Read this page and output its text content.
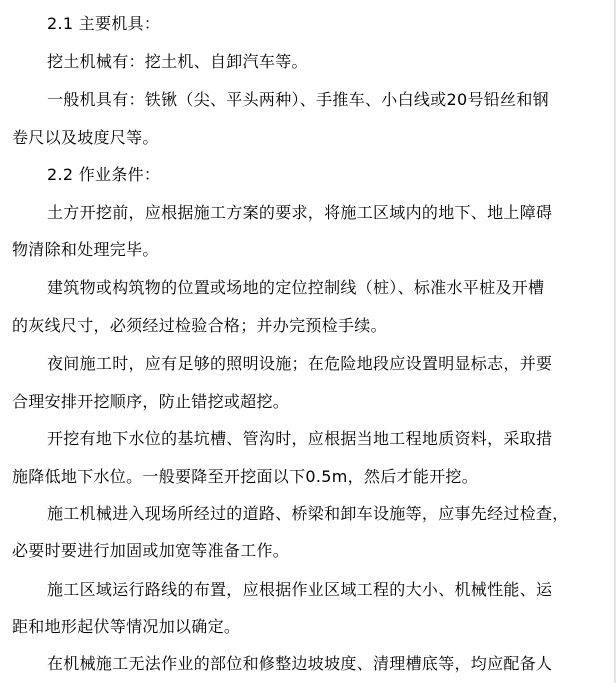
2.1 主要机具：
挖土机械有：挖土机、自卸汽车等。
一般机具有：铁锹（尖、平头两种）、手推车、小白线或20号铅丝和钢
卷尺以及坡度尺等。
2.2 作业条件：
土方开挖前，应根据施工方案的要求，将施工区域内的地下、地上障碍
物清除和处理完毕。
建筑物或构筑物的位置或场地的定位控制线（桩）、标准水平桩及开槽
的灰线尺寸，必须经过检验合格；并办完预检手续。
夜间施工时，应有足够的照明设施；在危险地段应设置明显标志，并要
合理安排开挖顺序，防止错挖或超挖。
开挖有地下水位的基坑槽、管沟时，应根据当地工程地质资料，采取措
施降低地下水位。一般要降至开挖面以下0.5m，然后才能开挖。
施工机械进入现场所经过的道路、桥梁和卸车设施等，应事先经过检查，
必要时要进行加固或加宽等准备工作。
施工区域运行路线的布置，应根据作业区域工程的大小、机械性能、运
距和地形起伏等情况加以确定。
在机械施工无法作业的部位和修整边坡坡度、清理槽底等，均应配备人
